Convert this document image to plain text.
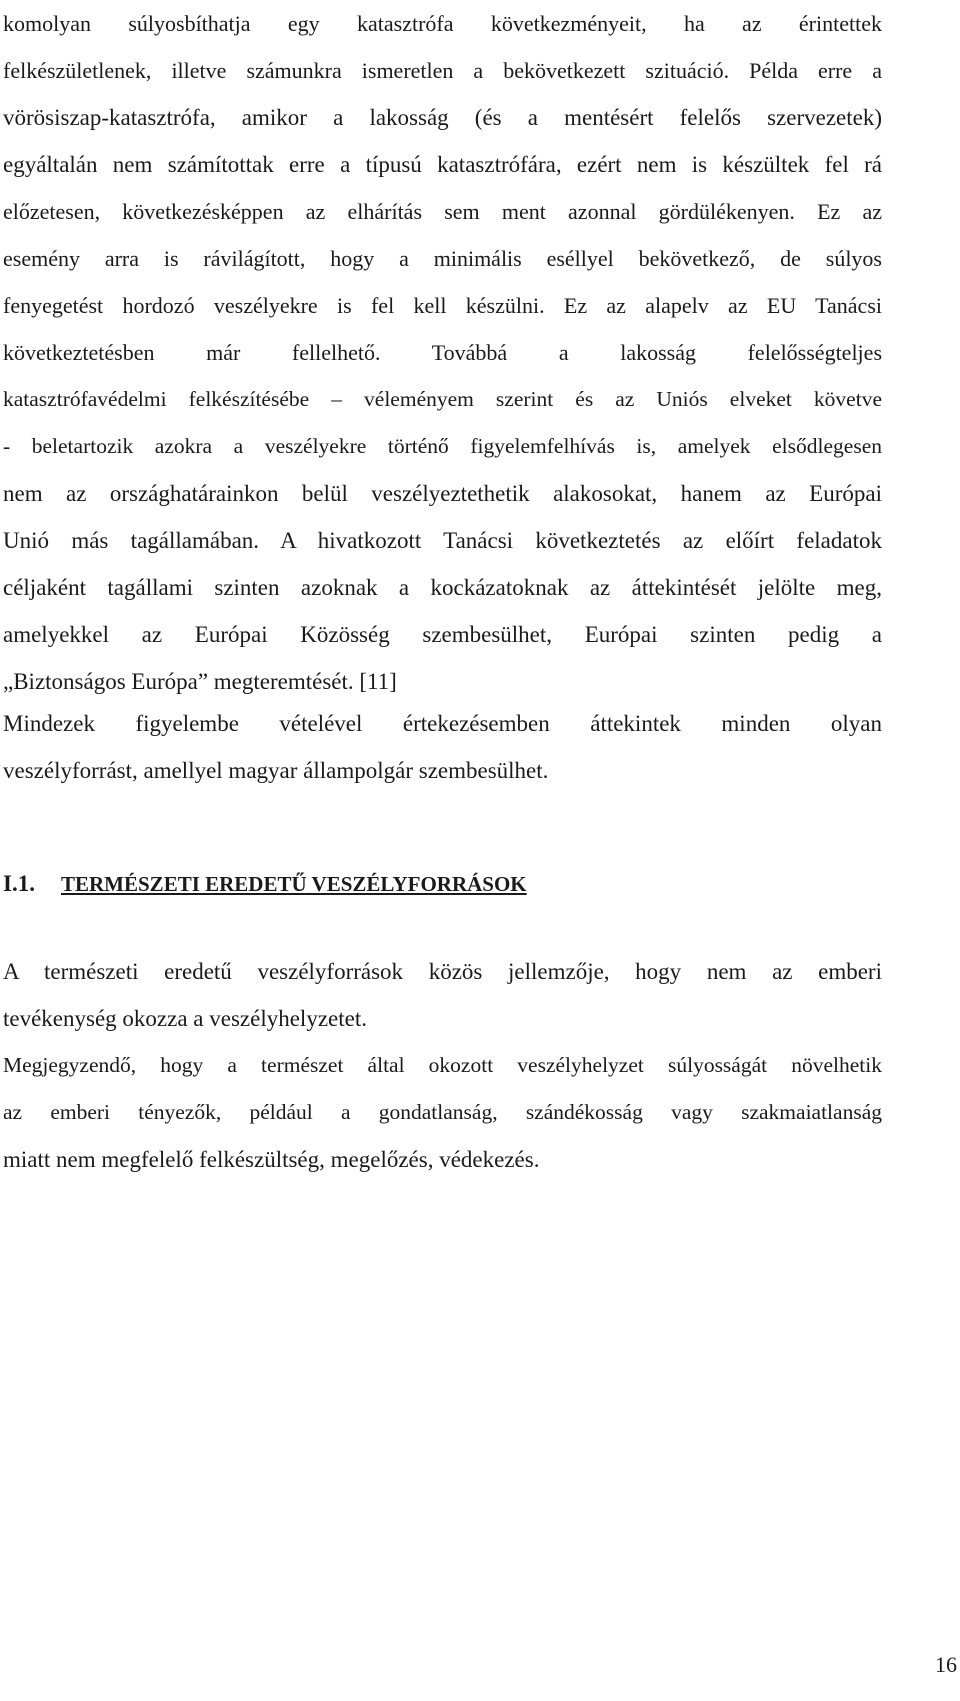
komolyan súlyosbíthatja egy katasztrófa következményeit, ha az érintettek
felkészületlenek, illetve számunkra ismeretlen a bekövetkezett szituáció. Példa erre a
vörösiszap-katasztrófa, amikor a lakosság (és a mentésért felelős szervezetek)
egyáltalán nem számítottak erre a típusú katasztrófára, ezért nem is készültek fel rá
előzetesen, következésképpen az elhárítás sem ment azonnal gördülékenyen. Ez az
esemény arra is rávilágított, hogy a minimális eséllyel bekövetkező, de súlyos
fenyegetést hordozó veszélyekre is fel kell készülni. Ez az alapelv az EU Tanácsi
következtetésben már fellelhető. Továbbá a lakosság felelősségteljes
katasztrófavédelmi felkészítésébe – véleményem szerint és az Uniós elveket követve
- beletartozik azokra a veszélyekre történő figyelemfelhívás is, amelyek elsődlegesen
nem az országhatárainkon belül veszélyeztethetik alakosokat, hanem az Európai
Unió más tagállamában. A hivatkozott Tanácsi következtetés az előírt feladatok
céljaként tagállami szinten azoknak a kockázatoknak az áttekintését jelölte meg,
amelyekkel az Európai Közösség szembesülhet, Európai szinten pedig a
„Biztonságos Európa” megteremtését. [11]
Mindezek figyelembe vételével értekezésemben áttekintek minden olyan
veszélyforrást, amellyel magyar állampolgár szembesülhet.
I.1. TERMÉSZETI EREDETŰ VESZÉLYFORRÁSOK
A természeti eredetű veszélyforrások közös jellemzője, hogy nem az emberi
tevékenység okozza a veszélyhelyzetet.
Megjegyzendő, hogy a természet által okozott veszélyhelyzet súlyosságát növelhetik
az emberi tényezők, például a gondatlanság, szándékosság vagy szakmaiatlanság
miatt nem megfelelő felkészültség, megelőzés, védekezés.
16
